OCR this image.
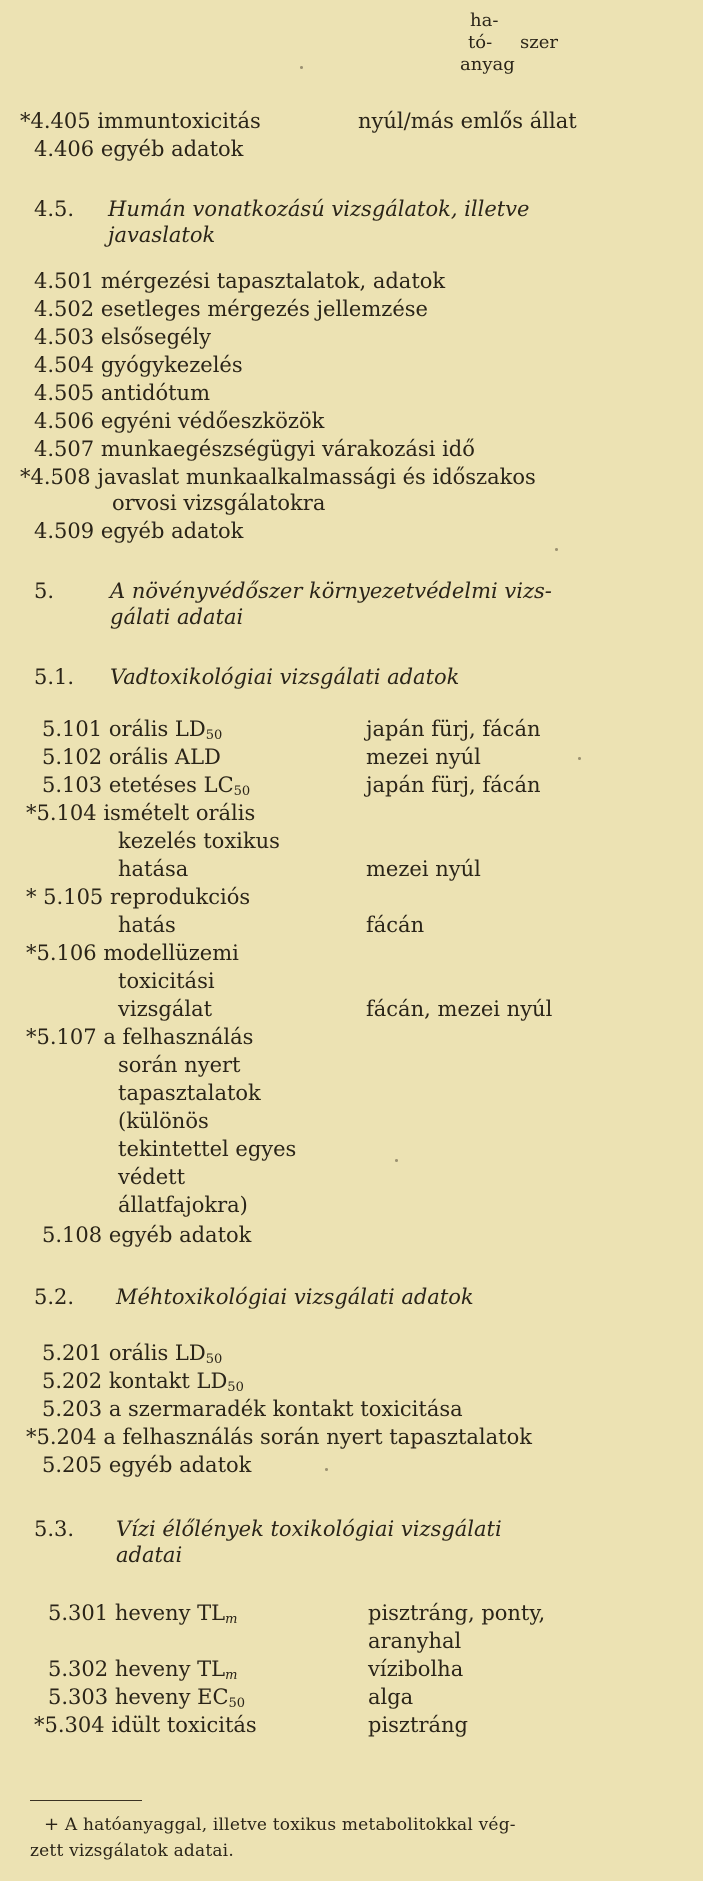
ha-
tó- szer
anyag
*4.405 immuntoxicitás	nyúl/más emlős állat
4.406 egyéb adatok
4.5. Humán vonatkozású vizsgálatok, illetve
javaslatok
4.501 mérgezési tapasztalatok, adatok
4.502 esetleges mérgezés jellemzése
4.503 elsősegély
4.504 gyógykezelés
4.505 antidótum
4.506 egyéni védőeszközök
4.507 munkaegészségügyi várakozási idő
*4.508 javaslat munkaalkalmassági és időszakos
orvosi vizsgálatokra
4.509 egyéb adatok
5.	A növényvédőszer környezetvédelmi vizs-
gálati adatai
5.1. Vadtoxikológiai vizsgálati adatok
5.101 orális $LD_{50}$	japán fürj, fácán
5.102 orális ALD	mezei nyúl
5.103 etetéses $LC_{50}$	japán fürj, fácán
*5.104 ismételt orális
kezelés toxikus
hatása	mezei nyúl
* 5.105 reprodukciós
hatás	fácán
*5.106 modellüzemi
toxicitási
vizsgálat	fácán, mezei nyúl
*5.107 a felhasználás
során nyert
tapasztalatok
(különös
tekintettel egyes
védett
állatfajokra)
5.108 egyéb adatok
5.2. Méhtoxikológiai vizsgálati adatok
5.201 orális $LD_{50}$
5.202 kontakt $LD_{50}$
5.203 a szermaradék kontakt toxicitása
*5.204 a felhasználás során nyert tapasztalatok
5.205 egyéb adatok
5.3. Vízi élőlények toxikológiai vizsgálati
adatai
5.301 heveny $TL_m$	pisztráng, ponty,
aranyhal
5.302 heveny $TL_m$	vízibolha
5.303 heveny $EC_{50}$	alga
*5.304 idült toxicitás	pisztráng
+ A hatóanyaggal, illetve toxikus metabolitokkal vég-
zett vizsgálatok adatai.
